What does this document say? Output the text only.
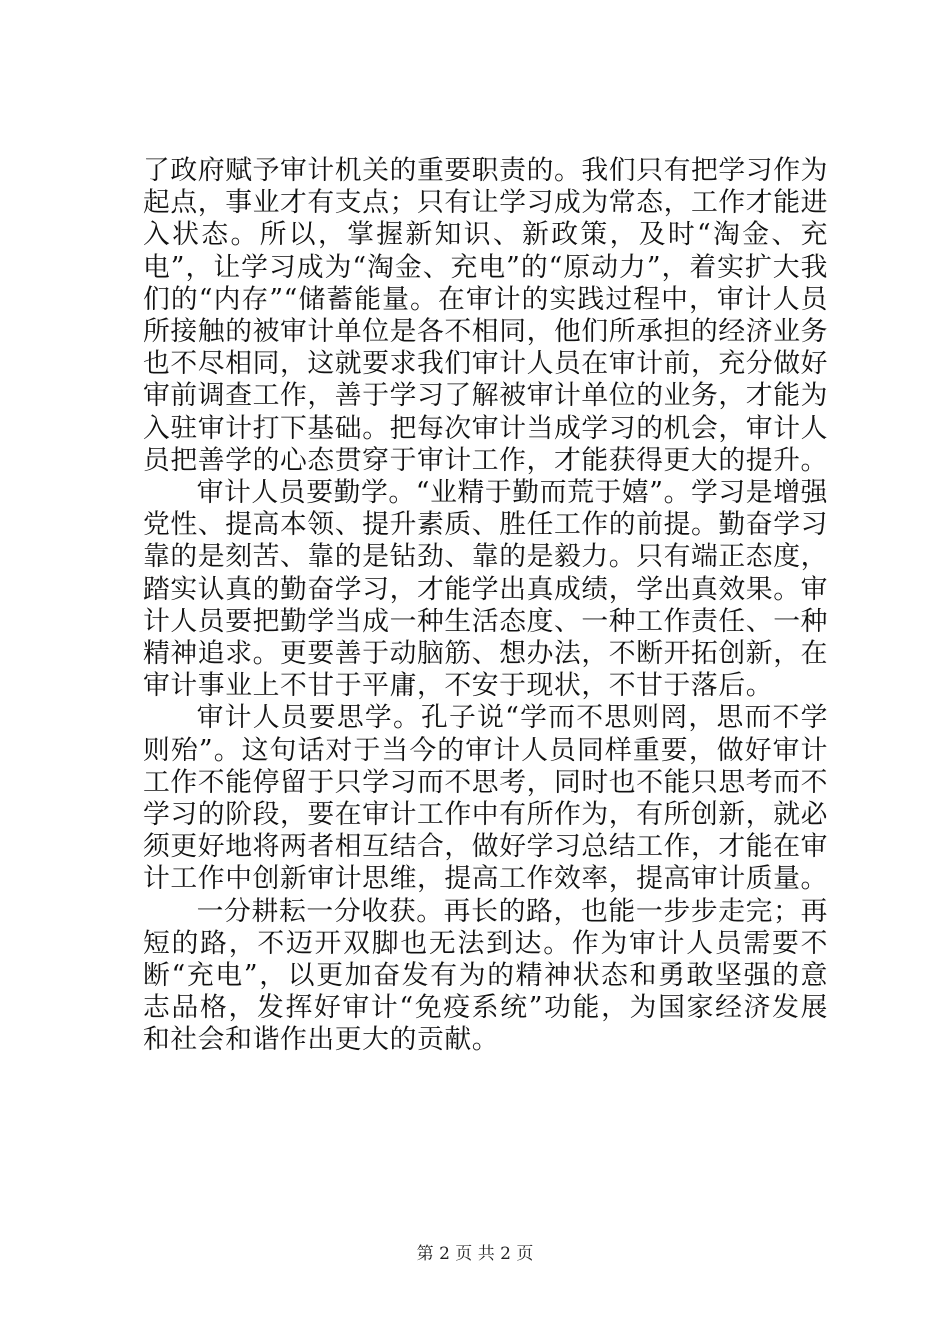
了政府赋予审计机关的重要职责的。我们只有把学习作为起点，事业才有支点；只有让学习成为常态，工作才能进入状态。所以，掌握新知识、新政策，及时“淘金、充电”，让学习成为“淘金、充电”的“原动力”，着实扩大我们的“内存”“储蓄能量。在审计的实践过程中，审计人员所接触的被审计单位是各不相同，他们所承担的经济业务也不尽相同，这就要求我们审计人员在审计前，充分做好审前调查工作，善于学习了解被审计单位的业务，才能为入驻审计打下基础。把每次审计当成学习的机会，审计人员把善学的心态贯穿于审计工作，才能获得更大的提升。

审计人员要勤学。“业精于勤而荒于嬉”。学习是增强党性、提高本领、提升素质、胜任工作的前提。勤奋学习靠的是刻苦、靠的是钻劲、靠的是毅力。只有端正态度，踏实认真的勤奋学习，才能学出真成绩，学出真效果。审计人员要把勤学当成一种生活态度、一种工作责任、一种精神追求。更要善于动脑筋、想办法，不断开拓创新，在审计事业上不甘于平庸，不安于现状，不甘于落后。

审计人员要思学。孔子说“学而不思则罔，思而不学则殆”。这句话对于当今的审计人员同样重要，做好审计工作不能停留于只学习而不思考，同时也不能只思考而不学习的阶段，要在审计工作中有所作为，有所创新，就必须更好地将两者相互结合，做好学习总结工作，才能在审计工作中创新审计思维，提高工作效率，提高审计质量。

一分耕耘一分收获。再长的路，也能一步步走完；再短的路，不迈开双脚也无法到达。作为审计人员需要不断“充电”，以更加奋发有为的精神状态和勇敢坚强的意志品格，发挥好审计“免疫系统”功能，为国家经济发展和社会和谐作出更大的贡献。

第 2 页 共 2 页
